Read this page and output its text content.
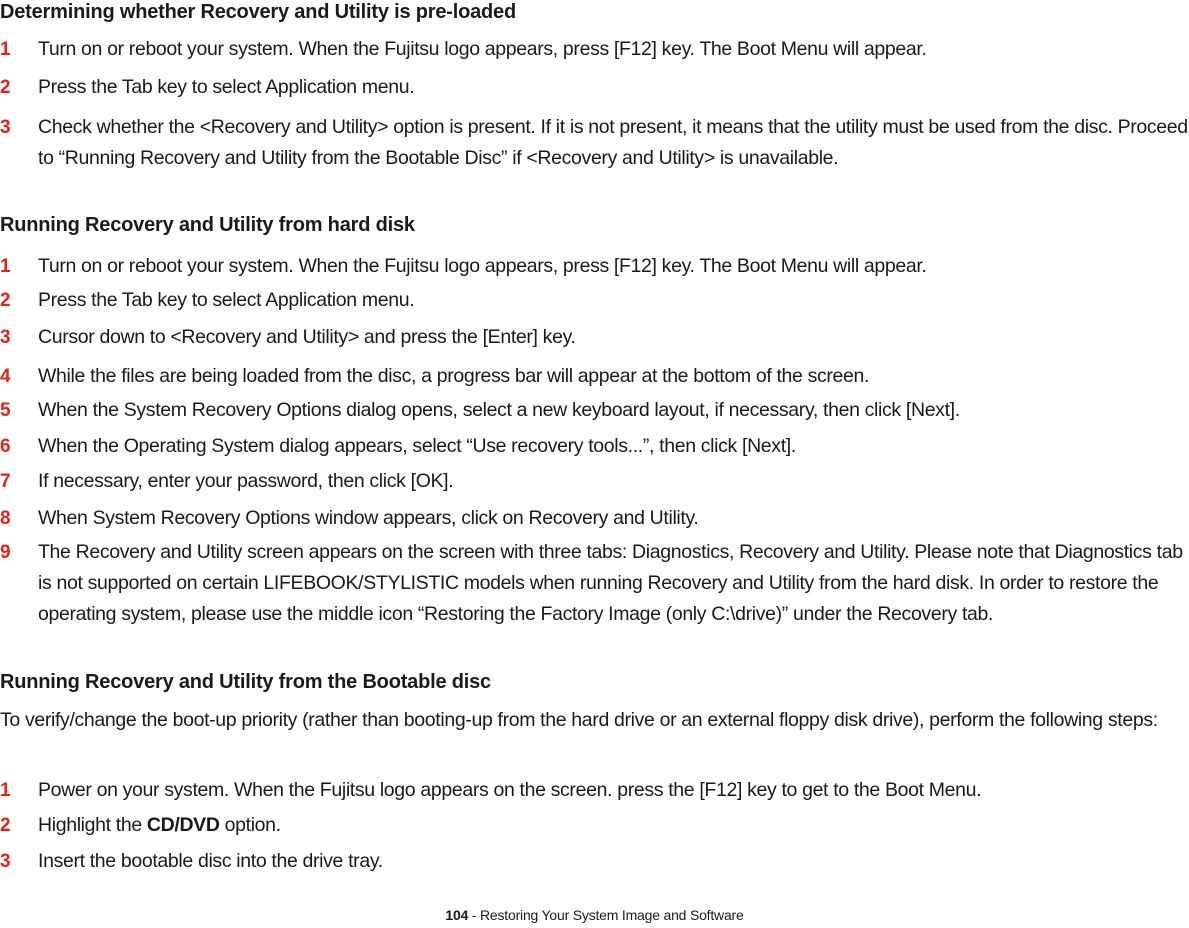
Determining whether Recovery and Utility is pre-loaded
1	Turn on or reboot your system. When the Fujitsu logo appears, press [F12] key. The Boot Menu will appear.
2	Press the Tab key to select Application menu.
3	Check whether the <Recovery and Utility> option is present. If it is not present, it means that the utility must be used from the disc. Proceed to “Running Recovery and Utility from the Bootable Disc” if <Recovery and Utility> is unavailable.
Running Recovery and Utility from hard disk
1	Turn on or reboot your system. When the Fujitsu logo appears, press [F12] key. The Boot Menu will appear.
2	Press the Tab key to select Application menu.
3	Cursor down to <Recovery and Utility> and press the [Enter] key.
4	While the files are being loaded from the disc, a progress bar will appear at the bottom of the screen.
5	When the System Recovery Options dialog opens, select a new keyboard layout, if necessary, then click [Next].
6	When the Operating System dialog appears, select “Use recovery tools...”, then click [Next].
7	If necessary, enter your password, then click [OK].
8	When System Recovery Options window appears, click on Recovery and Utility.
9	The Recovery and Utility screen appears on the screen with three tabs: Diagnostics, Recovery and Utility. Please note that Diagnostics tab is not supported on certain LIFEBOOK/STYLISTIC models when running Recovery and Utility from the hard disk. In order to restore the operating system, please use the middle icon “Restoring the Factory Image (only C:\drive)” under the Recovery tab.
Running Recovery and Utility from the Bootable disc
To verify/change the boot-up priority (rather than booting-up from the hard drive or an external floppy disk drive), perform the following steps:
1	Power on your system. When the Fujitsu logo appears on the screen. press the [F12] key to get to the Boot Menu.
2	Highlight the CD/DVD option.
3	Insert the bootable disc into the drive tray.
104 - Restoring Your System Image and Software
